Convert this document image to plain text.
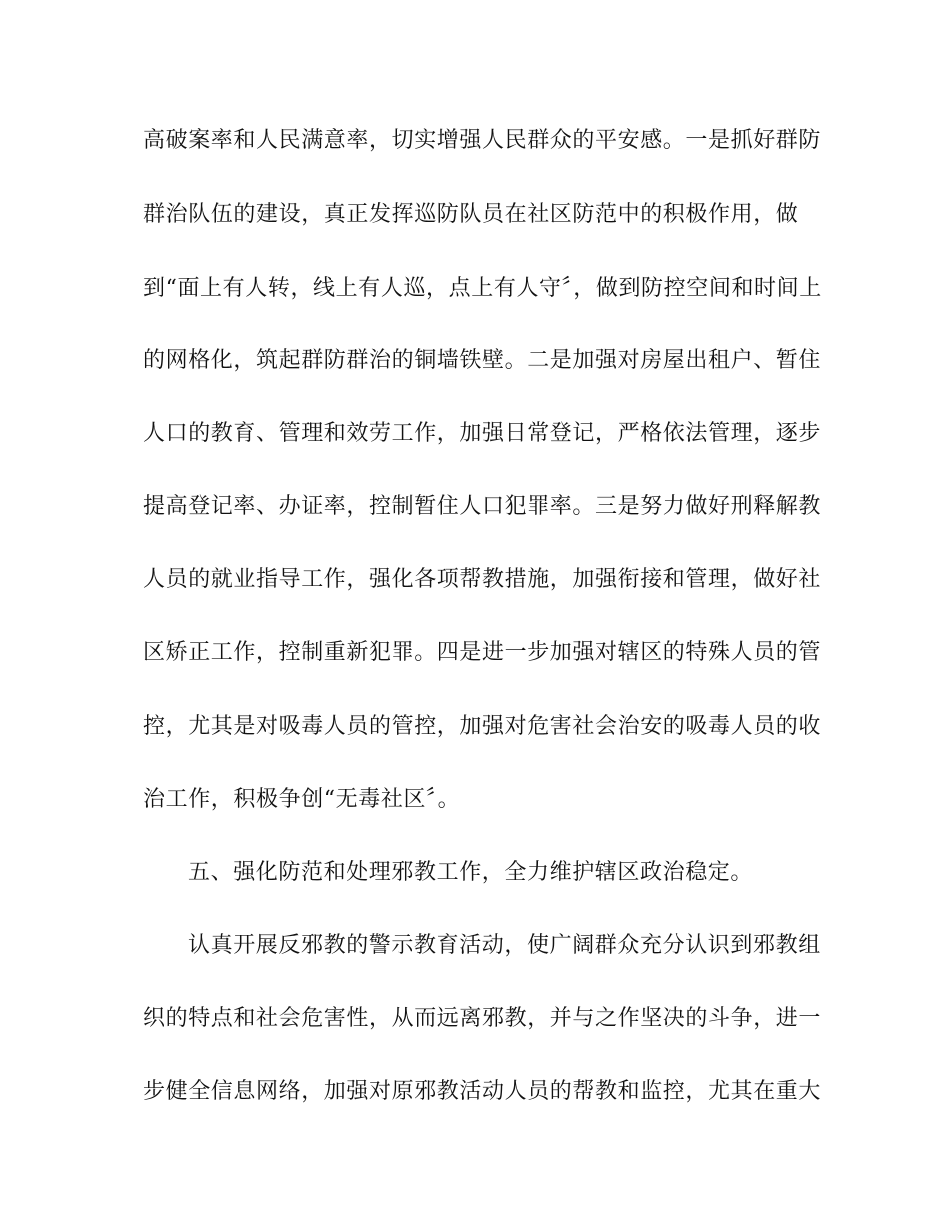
高破案率和人民满意率，切实增强人民群众的平安感。一是抓好群防
群治队伍的建设，真正发挥巡防队员在社区防范中的积极作用，做
到“面上有人转，线上有人巡，点上有人守〞，做到防控空间和时间上
的网格化，筑起群防群治的铜墙铁壁。二是加强对房屋出租户、暂住
人口的教育、管理和效劳工作，加强日常登记，严格依法管理，逐步
提高登记率、办证率，控制暂住人口犯罪率。三是努力做好刑释解教
人员的就业指导工作，强化各项帮教措施，加强衔接和管理，做好社
区矫正工作，控制重新犯罪。四是进一步加强对辖区的特殊人员的管
控，尤其是对吸毒人员的管控，加强对危害社会治安的吸毒人员的收
治工作，积极争创“无毒社区〞。
五、强化防范和处理邪教工作，全力维护辖区政治稳定。
认真开展反邪教的警示教育活动，使广阔群众充分认识到邪教组
织的特点和社会危害性，从而远离邪教，并与之作坚决的斗争，进一
步健全信息网络，加强对原邪教活动人员的帮教和监控，尤其在重大
